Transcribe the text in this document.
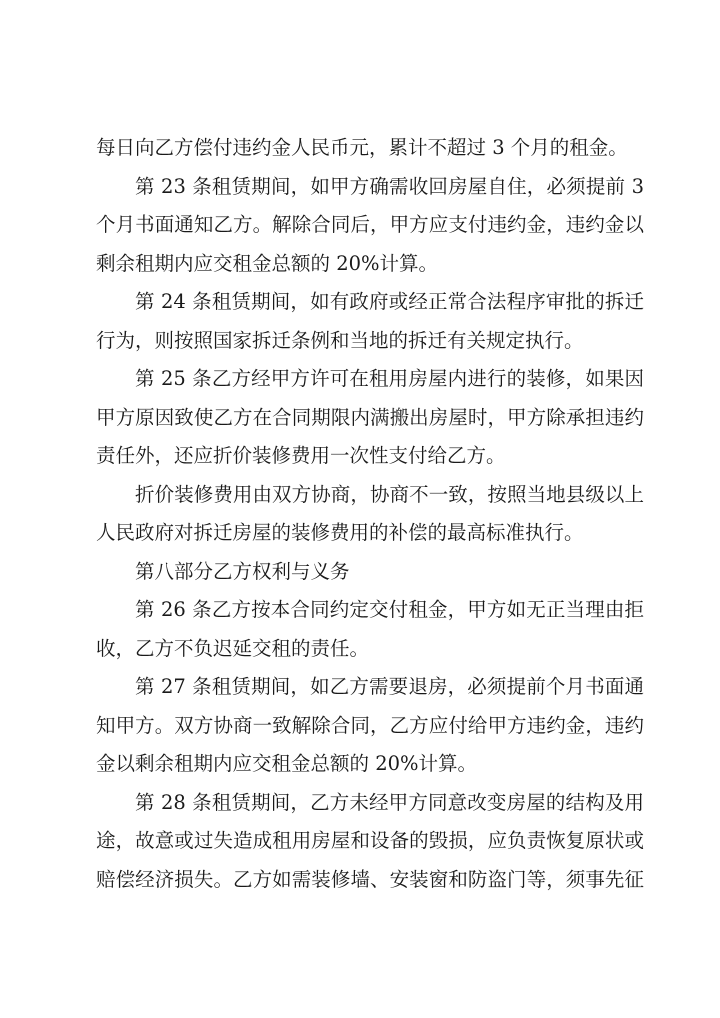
每日向乙方偿付违约金人民币元，累计不超过 3 个月的租金。
第 23 条租赁期间，如甲方确需收回房屋自住，必须提前 3
个月书面通知乙方。解除合同后，甲方应支付违约金，违约金以
剩余租期内应交租金总额的 20%计算。
第 24 条租赁期间，如有政府或经正常合法程序审批的拆迁
行为，则按照国家拆迁条例和当地的拆迁有关规定执行。
第 25 条乙方经甲方许可在租用房屋内进行的装修，如果因
甲方原因致使乙方在合同期限内满搬出房屋时，甲方除承担违约
责任外，还应折价装修费用一次性支付给乙方。
折价装修费用由双方协商，协商不一致，按照当地县级以上
人民政府对拆迁房屋的装修费用的补偿的最高标准执行。
第八部分乙方权利与义务
第 26 条乙方按本合同约定交付租金，甲方如无正当理由拒
收，乙方不负迟延交租的责任。
第 27 条租赁期间，如乙方需要退房，必须提前个月书面通
知甲方。双方协商一致解除合同，乙方应付给甲方违约金，违约
金以剩余租期内应交租金总额的 20%计算。
第 28 条租赁期间，乙方未经甲方同意改变房屋的结构及用
途，故意或过失造成租用房屋和设备的毁损，应负责恢复原状或
赔偿经济损失。乙方如需装修墙、安装窗和防盗门等，须事先征
